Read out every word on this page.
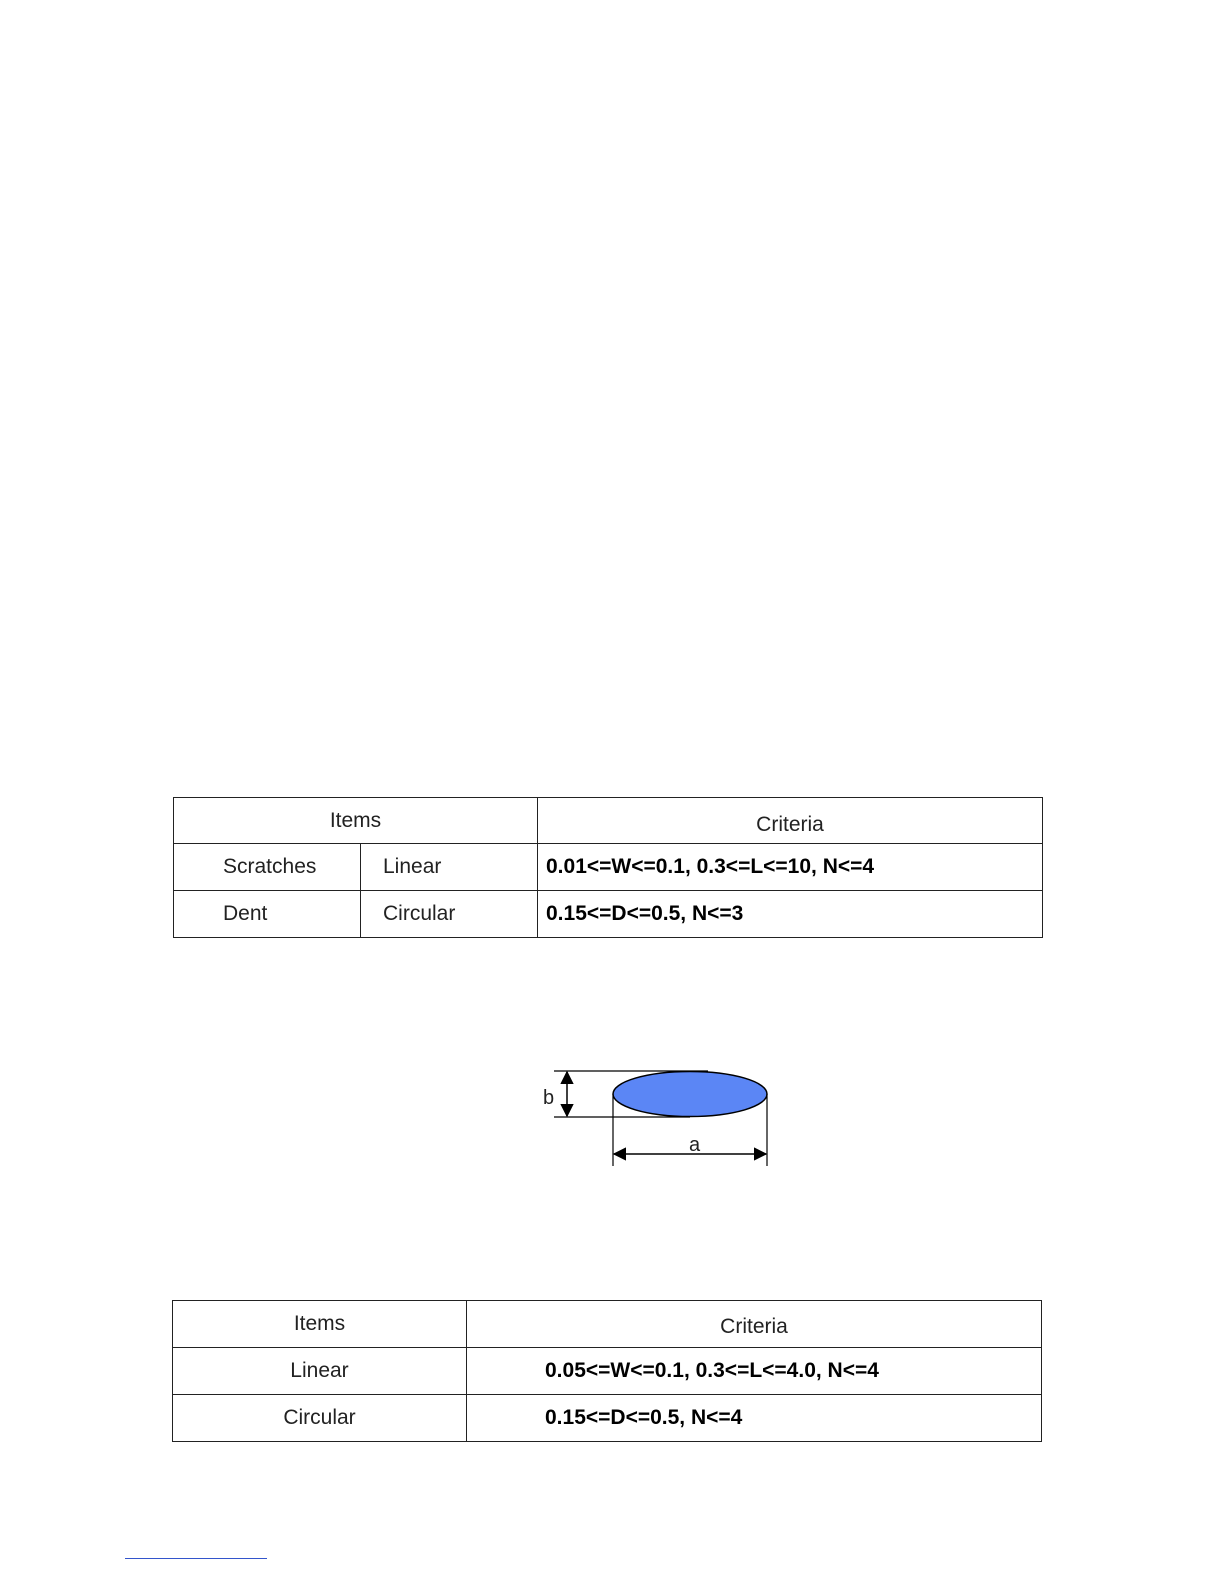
Items		Criteria
Scratches	Linear	0.01<=W<=0.1, 0.3<=L<=10, N<=4
Dent	Circular	0.15<=D<=0.5, N<=3
b
a
Items	Criteria
Linear	0.05<=W<=0.1, 0.3<=L<=4.0, N<=4
Circular	0.15<=D<=0.5, N<=4
